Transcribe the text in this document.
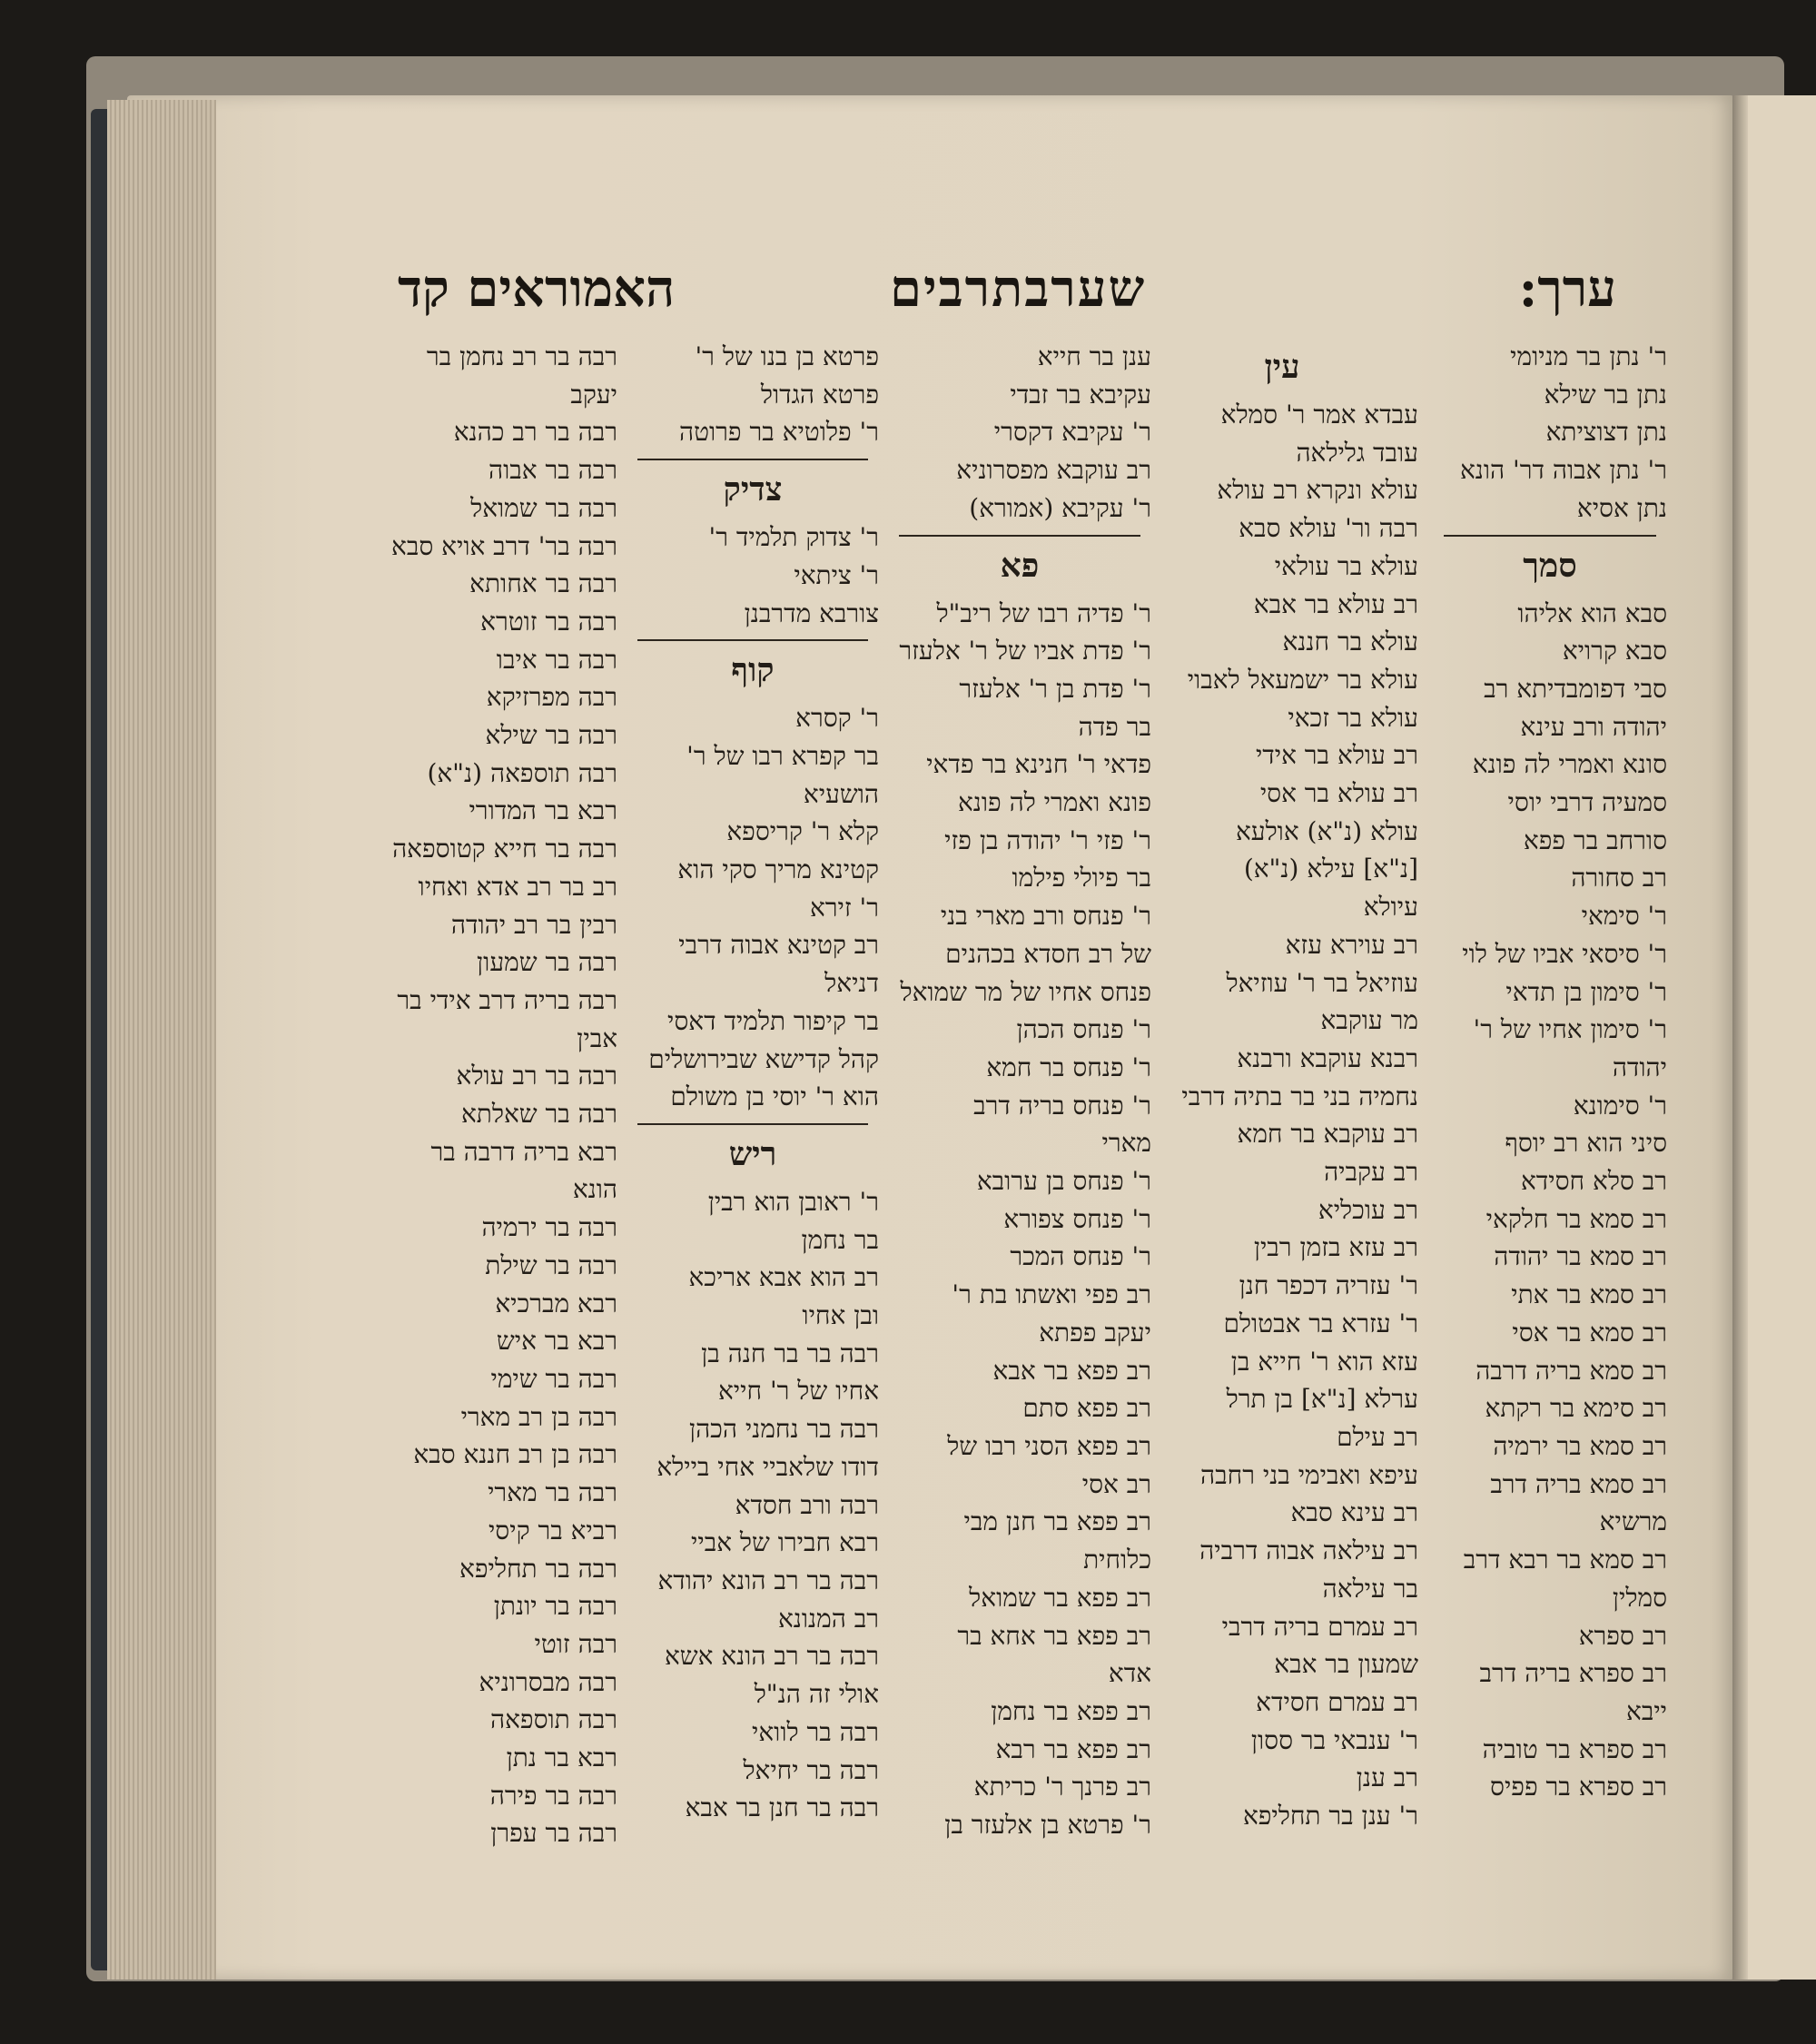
ערך:
שערבתרבים
האמוראים קד
ר' נתן בר מניומי
נתן בר שילא
נתן דצוציתא
ר' נתן אבוה דר' הונא
נתן אסיא
סמך
סבא הוא אליהו
סבא קרויא
סבי דפומבדיתא רב
יהודה ורב עינא
סונא ואמרי לה פונא
סמעיה דרבי יוסי
סורחב בר פפא
רב סחורה
ר' סימאי
ר' סיסאי אביו של לוי
ר' סימון בן תדאי
ר' סימון אחיו של ר'
יהודה
ר' סימונא
סיני הוא רב יוסף
רב סלא חסידא
רב סמא בר חלקאי
רב סמא בר יהודה
רב סמא בר אתי
רב סמא בר אסי
רב סמא בריה דרבה
רב סימא בר רקתא
רב סמא בר ירמיה
רב סמא בריה דרב
מרשיא
רב סמא בר רבא דרב
סמלין
רב ספרא
רב ספרא בריה דרב
ייבא
רב ספרא בר טוביה
רב ספרא בר פפיס
עין
עבדא אמר ר' סמלא
עובד גלילאה
עולא ונקרא רב עולא
רבה ור' עולא סבא
עולא בר עולאי
רב עולא בר אבא
עולא בר חננא
עולא בר ישמעאל לאבוי
עולא בר זכאי
רב עולא בר אידי
רב עולא בר אסי
עולא (נ"א) אולעא
[נ"א] עילא (נ"א)
עיולא
רב עוירא עזא
עוזיאל בר ר' עוזיאל
מר עוקבא
רבנא עוקבא ורבנא
נחמיה בני בר בתיה דרבי
רב עוקבא בר חמא
רב עקביה
רב עוכליא
רב עזא בזמן רבין
ר' עזריה דכפר חנן
ר' עזרא בר אבטולם
עזא הוא ר' חייא בן
ערלא [נ"א] בן תרל
רב עילם
עיפא ואבימי בני רחבה
רב עינא סבא
רב עילאה אבוה דרביה
בר עילאה
רב עמרם בריה דרבי
שמעון בר אבא
רב עמרם חסידא
ר' ענבאי בר ססון
רב ענן
ר' ענן בר תחליפא
ענן בר חייא
עקיבא בר זבדי
ר' עקיבא דקסרי
רב עוקבא מפסרוניא
ר' עקיבא (אמורא)
פא
ר' פדיה רבו של ריב"ל
ר' פדת אביו של ר' אלעזר
ר' פדת בן ר' אלעזר
בר פדה
פדאי ר' חנינא בר פדאי
פונא ואמרי לה פונא
ר' פזי ר' יהודה בן פזי
בר פיולי פילמו
ר' פנחס ורב מארי בני
של רב חסדא בכהנים
פנחס אחיו של מר שמואל
ר' פנחס הכהן
ר' פנחס בר חמא
ר' פנחס בריה דרב
מארי
ר' פנחס בן ערובא
ר' פנחס צפורא
ר' פנחס המכר
רב פפי ואשתו בת ר'
יעקב פפתא
רב פפא בר אבא
רב פפא סתם
רב פפא הסני רבו של
רב אסי
רב פפא בר חנן מבי
כלוחית
רב פפא בר שמואל
רב פפא בר אחא בר
אדא
רב פפא בר נחמן
רב פפא בר רבא
רב פרנך ר' כריתא
ר' פרטא בן אלעזר בן
פרטא בן בנו של ר'
פרטא הגדול
ר' פלוטיא בר פרוטה
צדיק
ר' צדוק תלמיד ר'
ר' ציתאי
צורבא מדרבנן
קוף
ר' קסרא
בר קפרא רבו של ר'
הושעיא
קלא ר' קריספא
קטינא מריך סקי הוא
ר' זירא
רב קטינא אבוה דרבי
דניאל
בר קיפור תלמיד דאסי
קהל קדישא שבירושלים
הוא ר' יוסי בן משולם
ריש
ר' ראובן הוא רבין
בר נחמן
רב הוא אבא אריכא
ובן אחיו
רבה בר בר חנה בן
אחיו של ר' חייא
רבה בר נחמני הכהן
דודו שלאביי אחי ביילא
רבה ורב חסדא
רבא חבירו של אביי
רבה בר רב הונא יהודא
רב המנונא
רבה בר רב הונא אשא
אולי זה הנ"ל
רבה בר לוואי
רבה בר יחיאל
רבה בר חנן בר אבא
רבה בר רב נחמן בר
יעקב
רבה בר רב כהנא
רבה בר אבוה
רבה בר שמואל
רבה בר' דרב אויא סבא
רבה בר אחותא
רבה בר זוטרא
רבה בר איבו
רבה מפרזיקא
רבה בר שילא
רבה תוספאה (נ"א)
רבא בר המדורי
רבה בר חייא קטוספאה
רב בר רב אדא ואחיו
רבין בר רב יהודה
רבה בר שמעון
רבה בריה דרב אידי בר
אבין
רבה בר רב עולא
רבה בר שאלתא
רבא בריה דרבה בר
הונא
רבה בר ירמיה
רבה בר שילת
רבא מברכיא
רבא בר איש
רבה בר שימי
רבה בן רב מארי
רבה בן רב חננא סבא
רבה בר מארי
רביא בר קיסי
רבה בר תחליפא
רבה בר יונתן
רבה זוטי
רבה מבסרוניא
רבה תוספאה
רבא בר נתן
רבה בר פירה
רבה בר עפרן
